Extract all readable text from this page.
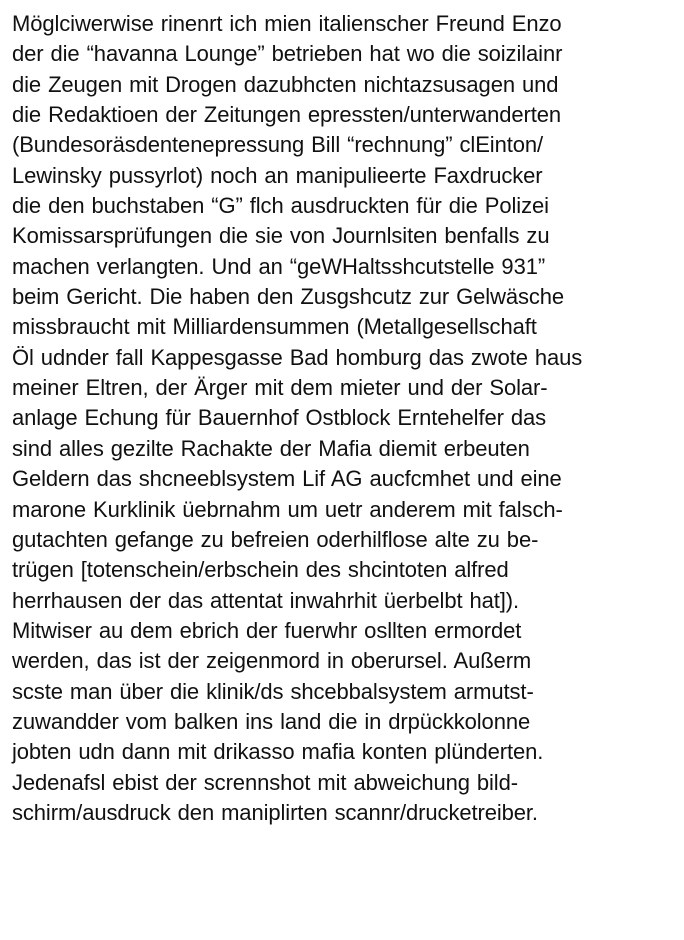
Möglciwerwise rinenrt ich mien italienscher Freund Enzo
der die “havanna Lounge” betrieben hat wo die soizilainr
die Zeugen mit Drogen dazubhcten nichtazsusagen und
die Redaktioen der Zeitungen epressten/unterwanderten
(Bundesoräsdentenepressung Bill “rechnung” clEinton/
Lewinsky pussyrlot) noch an manipulieerte Faxdrucker
die den buchstaben “G” flch ausdruckten für die Polizei
Komissarsprüfungen die sie von Journlsiten benfalls zu
machen verlangten. Und an “geWHaltsshcutstelle 931”
beim Gericht. Die haben den Zusgshcutz zur Gelwäsche
missbraucht mit Milliardensummen (Metallgesellschaft
Öl udnder fall Kappesgasse Bad homburg das zwote haus
meiner Eltren, der Ärger mit dem mieter und der Solar-
anlage Echung für Bauernhof Ostblock Erntehelfer das
sind alles gezilte Rachakte der Mafia diemit erbeuten
Geldern das shcneeblsystem Lif AG aucfcmhet und eine
marone Kurklinik üebrnahm um uetr anderem mit falsch-
gutachten gefange zu befreien oderhilflose alte zu be-
trügen [totenschein/erbschein des shcintoten alfred
herrhausen der das attentat inwahrhit üerbelbt hat]).
Mitwiser au dem ebrich der fuerwhr osllten ermordet
werden, das ist der zeigenmord in oberursel. Außerm
scste man über die klinik/ds shcebbalsystem armutst-
zuwandder vom balken ins land die in drpückkolonne
jobten udn dann mit drikasso mafia konten plünderten.
Jedenafsl ebist der scrennshot mit abweichung bild-
schirm/ausdruck den maniplirten scannr/drucketreiber.
